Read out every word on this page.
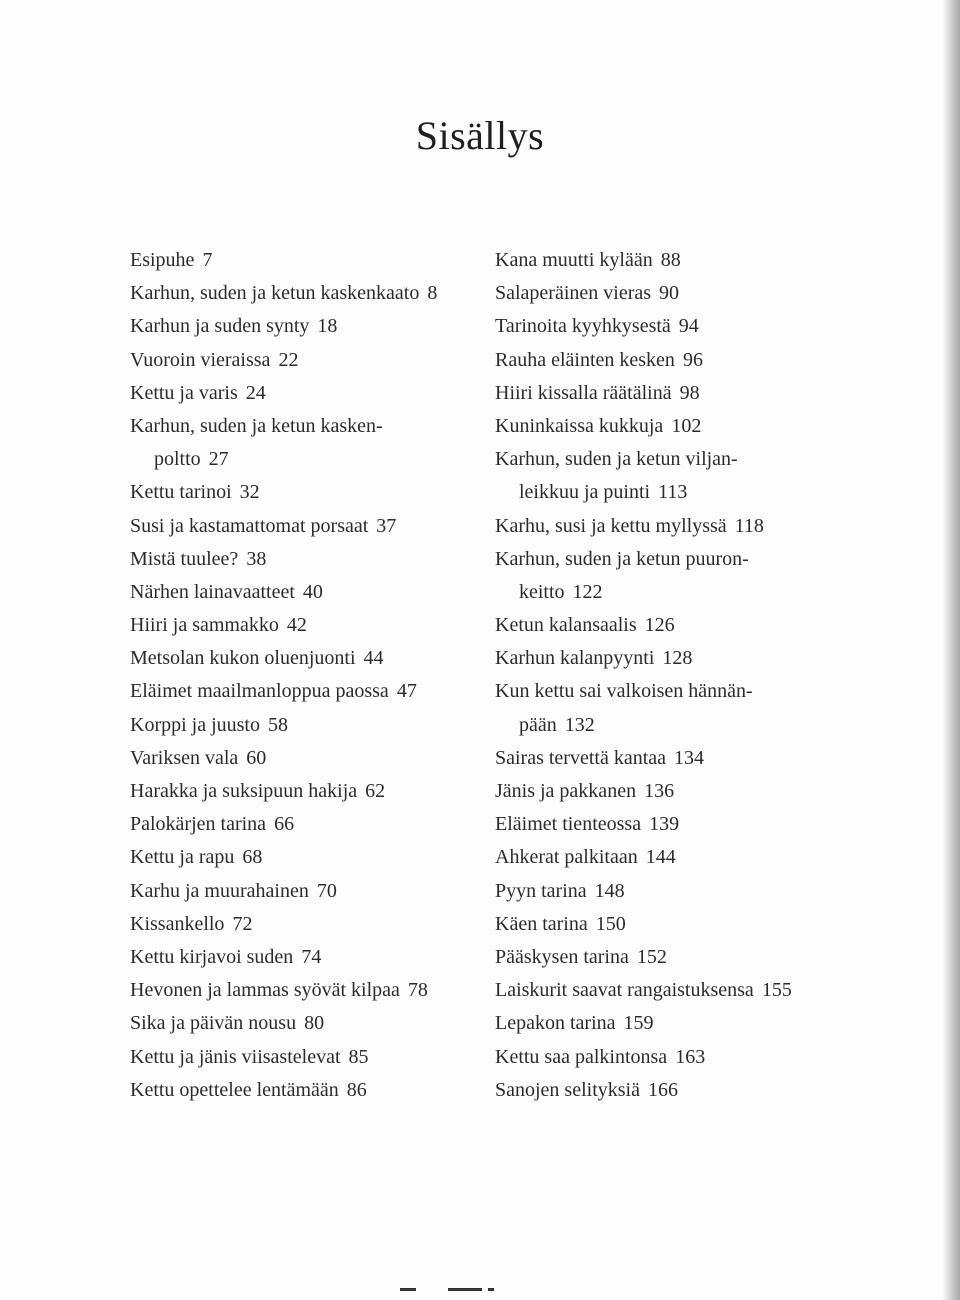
Sisällys
Esipuhe 7
Karhun, suden ja ketun kaskenkaato 8
Karhun ja suden synty 18
Vuoroin vieraissa 22
Kettu ja varis 24
Karhun, suden ja ketun kasken-
poltto 27
Kettu tarinoi 32
Susi ja kastamattomat porsaat 37
Mistä tuulee? 38
Närhen lainavaatteet 40
Hiiri ja sammakko 42
Metsolan kukon oluenjuonti 44
Eläimet maailmanloppua paossa 47
Korppi ja juusto 58
Variksen vala 60
Harakka ja suksipuun hakija 62
Palokärjen tarina 66
Kettu ja rapu 68
Karhu ja muurahainen 70
Kissankello 72
Kettu kirjavoi suden 74
Hevonen ja lammas syövät kilpaa 78
Sika ja päivän nousu 80
Kettu ja jänis viisastelevat 85
Kettu opettelee lentämään 86
Kana muutti kylään 88
Salaperäinen vieras 90
Tarinoita kyyhkysestä 94
Rauha eläinten kesken 96
Hiiri kissalla räätälinä 98
Kuninkaissa kukkuja 102
Karhun, suden ja ketun viljan-
leikkuu ja puinti 113
Karhu, susi ja kettu myllyssä 118
Karhun, suden ja ketun puuron-
keitto 122
Ketun kalansaalis 126
Karhun kalanpyynti 128
Kun kettu sai valkoisen hännän-
pään 132
Sairas tervettä kantaa 134
Jänis ja pakkanen 136
Eläimet tienteossa 139
Ahkerat palkitaan 144
Pyyn tarina 148
Käen tarina 150
Pääskysen tarina 152
Laiskurit saavat rangaistuksensa 155
Lepakon tarina 159
Kettu saa palkintonsa 163
Sanojen selityksiä 166
